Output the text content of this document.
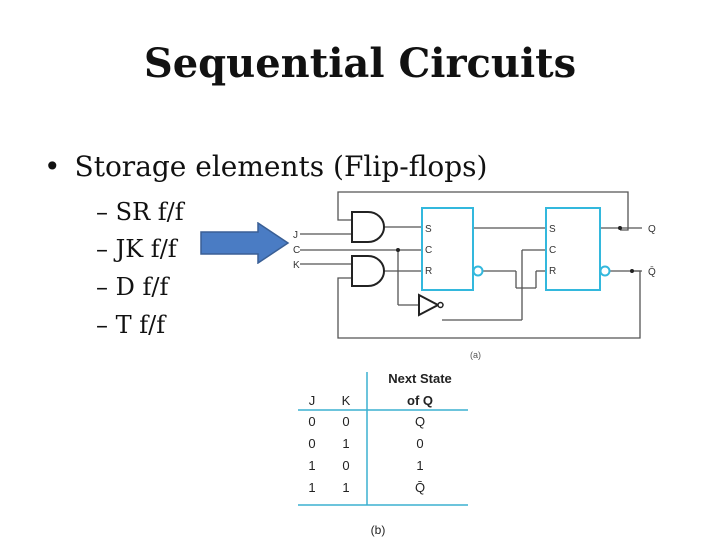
Sequential Circuits
• Storage elements (Flip-flops)
– SR f/f
– JK f/f
– D f/f
– T f/f
J
C
K
S
C
R
S
C
R
Q
Q̄
(a)
Next State
J K	of Q
0 0	Q
0 1	0
1 0	1
1 1	Q̄
(b)
